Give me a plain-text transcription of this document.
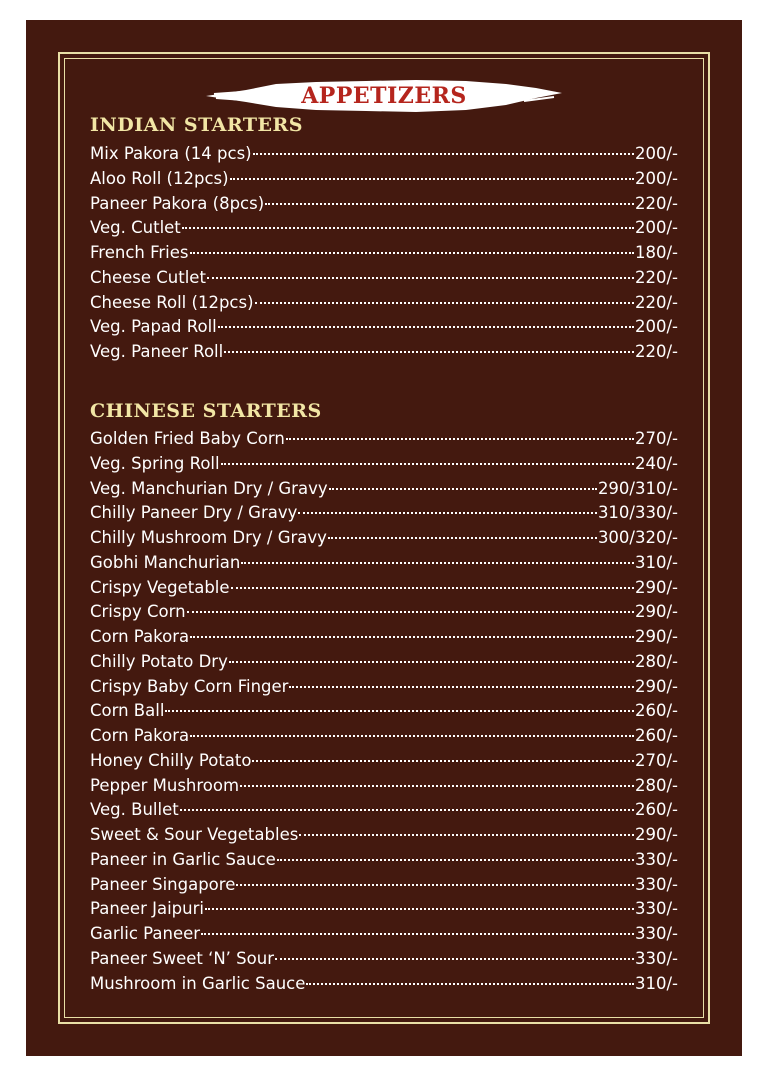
APPETIZERS
INDIAN STARTERS
Mix Pakora (14 pcs)	200/-
Aloo Roll (12pcs)	200/-
Paneer Pakora (8pcs)	220/-
Veg. Cutlet	200/-
French Fries	180/-
Cheese Cutlet	220/-
Cheese Roll (12pcs)	220/-
Veg. Papad Roll	200/-
Veg. Paneer Roll	220/-
CHINESE STARTERS
Golden Fried Baby Corn	270/-
Veg. Spring Roll	240/-
Veg. Manchurian Dry / Gravy	290/310/-
Chilly Paneer Dry / Gravy	310/330/-
Chilly Mushroom Dry / Gravy	300/320/-
Gobhi Manchurian	310/-
Crispy Vegetable	290/-
Crispy Corn	290/-
Corn Pakora	290/-
Chilly Potato Dry	280/-
Crispy Baby Corn Finger	290/-
Corn Ball	260/-
Corn Pakora	260/-
Honey Chilly Potato	270/-
Pepper Mushroom	280/-
Veg. Bullet	260/-
Sweet & Sour Vegetables	290/-
Paneer in Garlic Sauce	330/-
Paneer Singapore	330/-
Paneer Jaipuri	330/-
Garlic Paneer	330/-
Paneer Sweet ‘N’ Sour	330/-
Mushroom in Garlic Sauce	310/-
